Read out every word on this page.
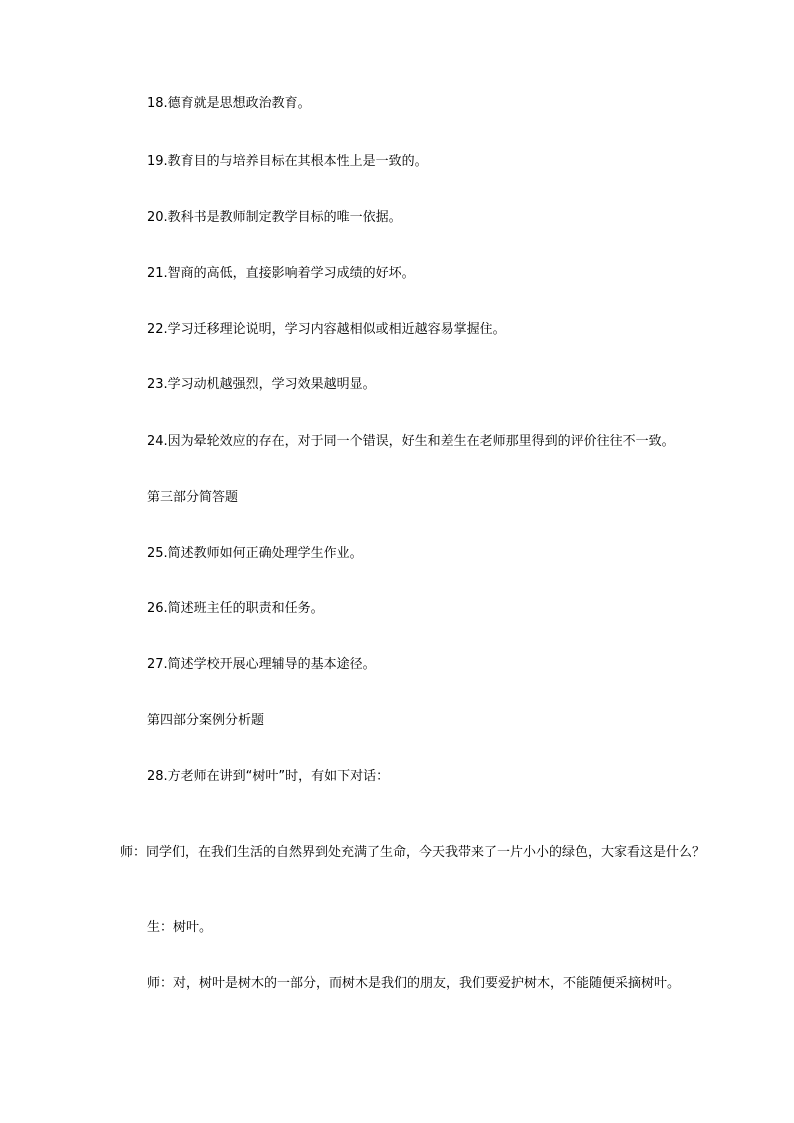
18.德育就是思想政治教育。

19.教育目的与培养目标在其根本性上是一致的。

20.教科书是教师制定教学目标的唯一依据。

21.智商的高低，直接影响着学习成绩的好坏。

22.学习迁移理论说明，学习内容越相似或相近越容易掌握住。

23.学习动机越强烈，学习效果越明显。

24.因为晕轮效应的存在，对于同一个错误，好生和差生在老师那里得到的评价往往不一致。

第三部分简答题

25.简述教师如何正确处理学生作业。

26.简述班主任的职责和任务。

27.简述学校开展心理辅导的基本途径。

第四部分案例分析题

28.方老师在讲到“树叶”时，有如下对话：

师：同学们，在我们生活的自然界到处充满了生命，今天我带来了一片小小的绿色，大家看这是什么？

生：树叶。

师：对，树叶是树木的一部分，而树木是我们的朋友，我们要爱护树木，不能随便采摘树叶。
